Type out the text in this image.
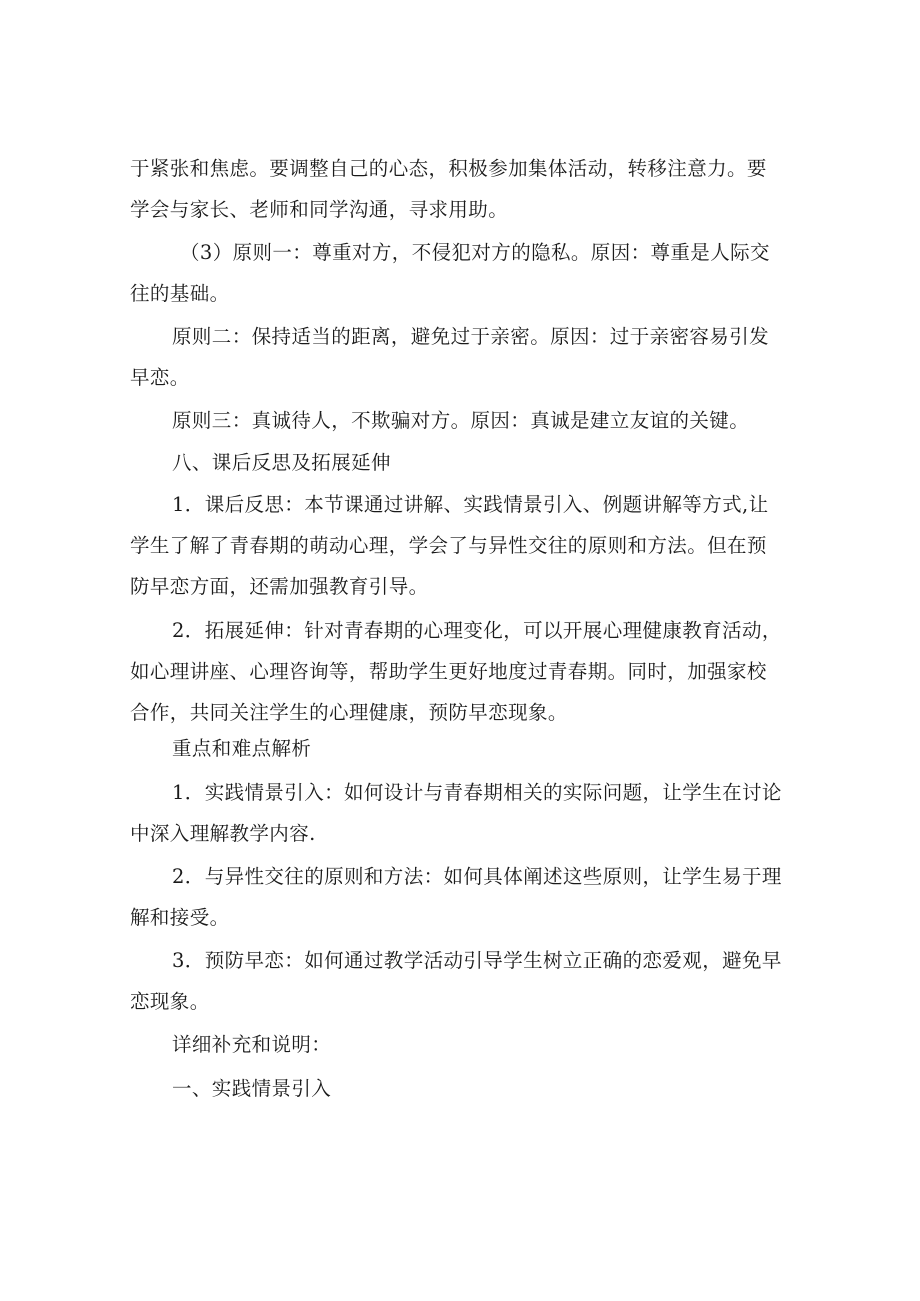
于紧张和焦虑。要调整自己的心态，积极参加集体活动，转移注意力。要
学会与家长、老师和同学沟通，寻求用助。

（3）原则一：尊重对方，不侵犯对方的隐私。原因：尊重是人际交
往的基础。

原则二：保持适当的距离，避免过于亲密。原因：过于亲密容易引发
早恋。

原则三：真诚待人，不欺骗对方。原因：真诚是建立友谊的关键。

八、课后反思及拓展延伸

1．课后反思：本节课通过讲解、实践情景引入、例题讲解等方式,让
学生了解了青春期的萌动心理，学会了与异性交往的原则和方法。但在预
防早恋方面，还需加强教育引导。

2．拓展延伸：针对青春期的心理变化，可以开展心理健康教育活动，
如心理讲座、心理咨询等，帮助学生更好地度过青春期。同时，加强家校
合作，共同关注学生的心理健康，预防早恋现象。

重点和难点解析

1．实践情景引入：如何设计与青春期相关的实际问题，让学生在讨论
中深入理解教学内容.

2．与异性交往的原则和方法：如何具体阐述这些原则，让学生易于理
解和接受。

3．预防早恋：如何通过教学活动引导学生树立正确的恋爱观，避免早
恋现象。

详细补充和说明：

一、实践情景引入
